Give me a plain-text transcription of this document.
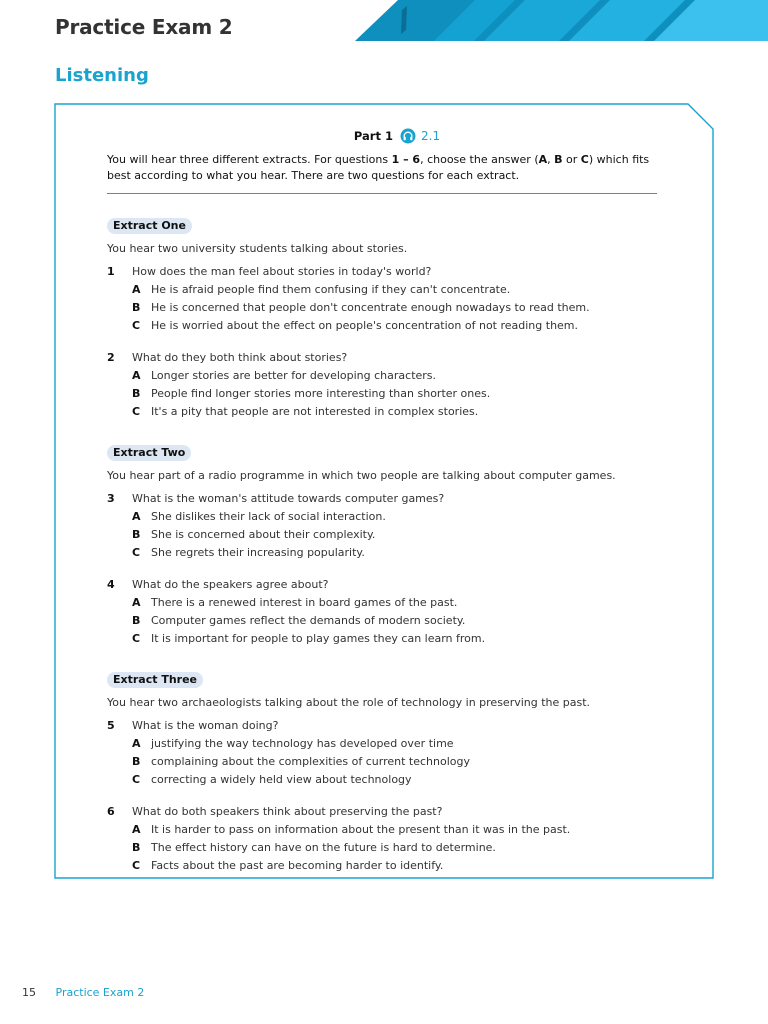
Practice Exam 2
Listening
Part 1 2.1
You will hear three different extracts. For questions 1 – 6, choose the answer (A, B or C) which fits best according to what you hear. There are two questions for each extract.
Extract One
You hear two university students talking about stories.
1	How does the man feel about stories in today's world?
A He is afraid people find them confusing if they can't concentrate.
B He is concerned that people don't concentrate enough nowadays to read them.
C He is worried about the effect on people's concentration of not reading them.
2	What do they both think about stories?
A Longer stories are better for developing characters.
B People find longer stories more interesting than shorter ones.
C It's a pity that people are not interested in complex stories.
Extract Two
You hear part of a radio programme in which two people are talking about computer games.
3	What is the woman's attitude towards computer games?
A She dislikes their lack of social interaction.
B She is concerned about their complexity.
C She regrets their increasing popularity.
4	What do the speakers agree about?
A There is a renewed interest in board games of the past.
B Computer games reflect the demands of modern society.
C It is important for people to play games they can learn from.
Extract Three
You hear two archaeologists talking about the role of technology in preserving the past.
5	What is the woman doing?
A justifying the way technology has developed over time
B complaining about the complexities of current technology
C correcting a widely held view about technology
6	What do both speakers think about preserving the past?
A It is harder to pass on information about the present than it was in the past.
B The effect history can have on the future is hard to determine.
C Facts about the past are becoming harder to identify.
15 Practice Exam 2
